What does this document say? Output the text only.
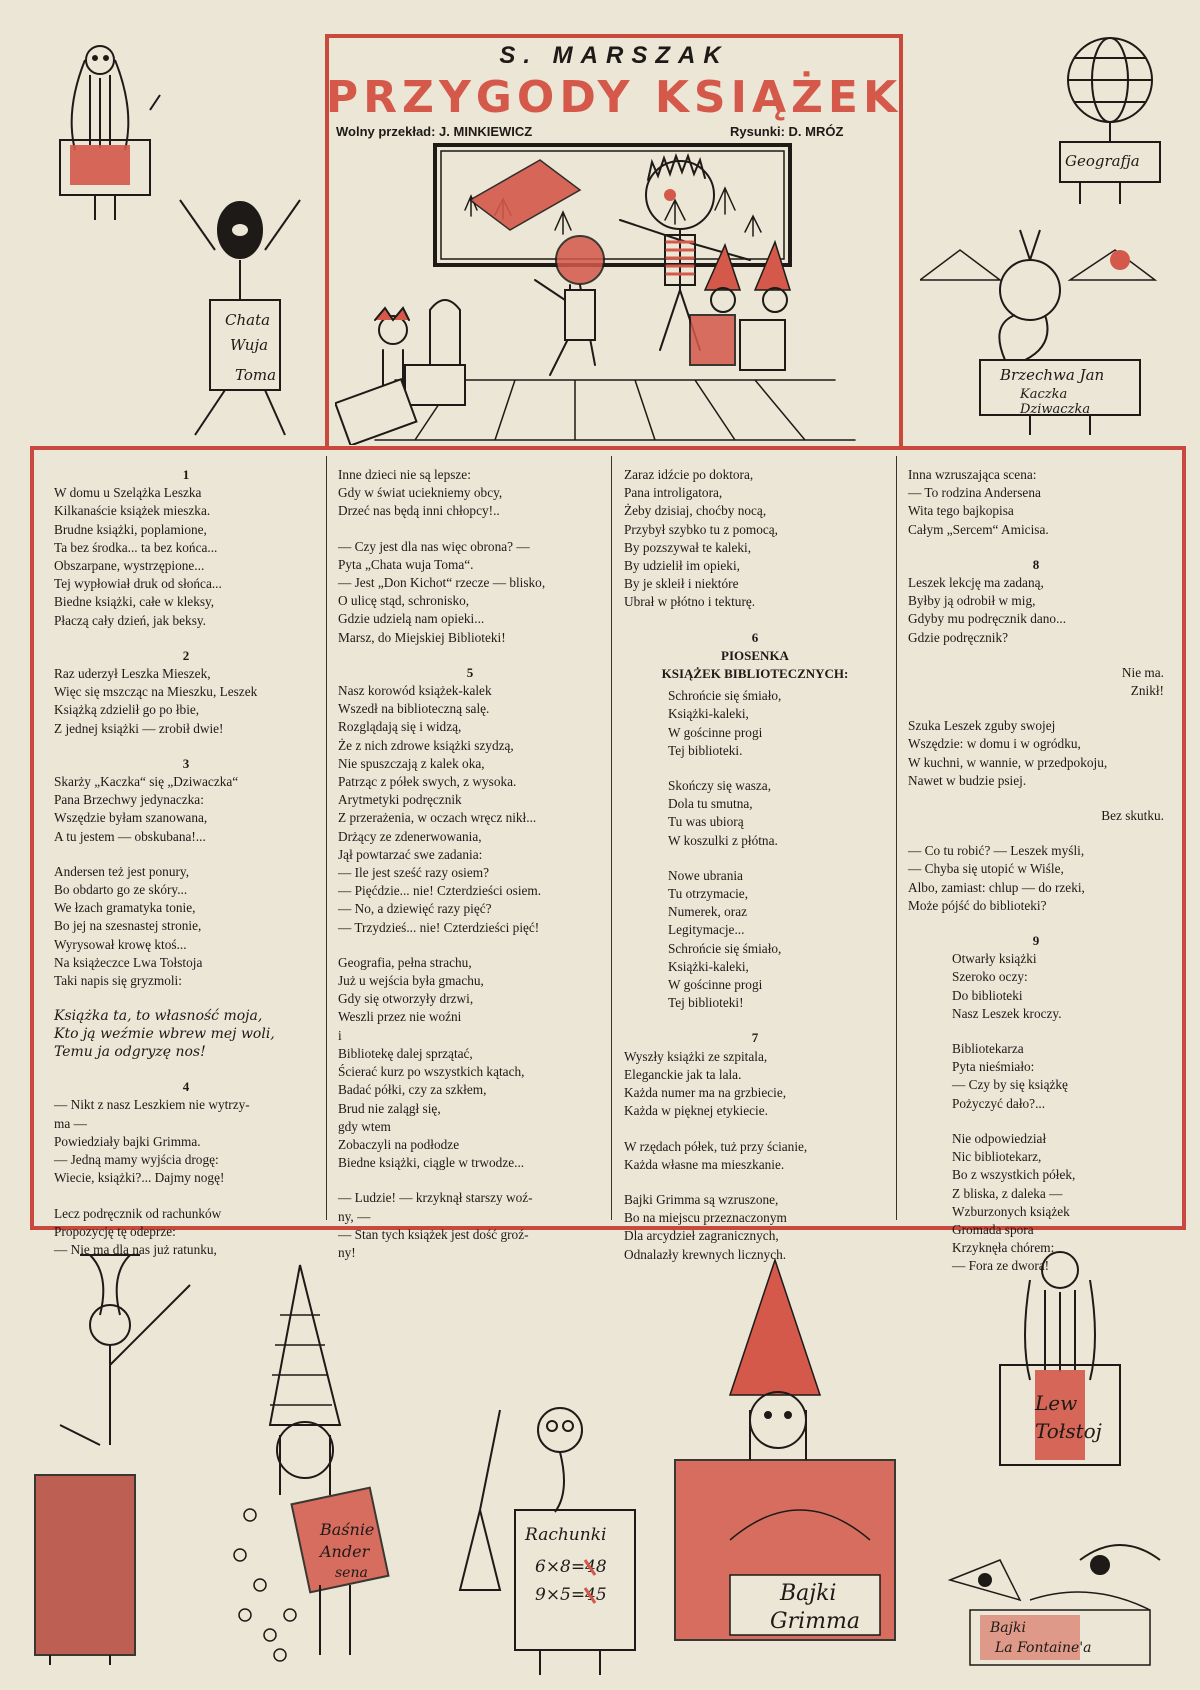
S. MARSZAK
PRZYGODY KSIĄŻEK
Wolny przekład: J. MINKIEWICZ	Rysunki: D. MRÓZ
Chata
Wuja
Toma
Geografja
Brzechwa Jan
Kaczka
Dziwaczka
1

W domu u Szelążka Leszka
Kilkanaście książek mieszka.
Brudne książki, poplamione,
Ta bez środka... ta bez końca...
Obszarpane, wystrzępione...
Tej wypłowiał druk od słońca...
Biedne książki, całe w kleksy,
Płaczą cały dzień, jak beksy.

2

Raz uderzył Leszka Mieszek,
Więc się mszcząc na Mieszku, Leszek
Książką zdzielił go po łbie,
Z jednej książki — zrobił dwie!

3

Skarży „Kaczka“ się „Dziwaczka“
Pana Brzechwy jedynaczka:
Wszędzie byłam szanowana,
A tu jestem — obskubana!...

Andersen też jest ponury,
Bo obdarto go ze skóry...
We łzach gramatyka tonie,
Bo jej na szesnastej stronie,
Wyrysował krowę ktoś...
Na książeczce Lwa Tołstoja
Taki napis się gryzmoli:

Książka ta, to własność moja,
Kto ją weźmie wbrew mej woli,
Temu ja odgryzę nos!

4

— Nikt z nasz Leszkiem nie wytrzy-
ma —
Powiedziały bajki Grimma.
— Jedną mamy wyjścia drogę:
Wiecie, książki?... Dajmy nogę!

Lecz podręcznik od rachunków
Propozycję tę odeprze:
— Nie ma dla nas już ratunku,

Inne dzieci nie są lepsze:
Gdy w świat uciekniemy obcy,
Drzeć nas będą inni chłopcy!..

— Czy jest dla nas więc obrona? —
Pyta „Chata wuja Toma“.
— Jest „Don Kichot“ rzecze — blisko,
O ulicę stąd, schronisko,
Gdzie udzielą nam opieki...
Marsz, do Miejskiej Biblioteki!

5

Nasz korowód książek-kalek
Wszedł na biblioteczną salę.
Rozglądają się i widzą,
Że z nich zdrowe książki szydzą,
Nie spuszczają z kalek oka,
Patrząc z półek swych, z wysoka.
Arytmetyki podręcznik
Z przerażenia, w oczach wręcz nikł...
Drżący ze zdenerwowania,
Jął powtarzać swe zadania:
— Ile jest sześć razy osiem?
— Pięćdzie... nie! Czterdzieści osiem.
— No, a dziewięć razy pięć?
— Trzydzieś... nie! Czterdzieści pięć!

Geografia, pełna strachu,
Już u wejścia była gmachu,
Gdy się otworzyły drzwi,
Weszli przez nie woźni
i
Bibliotekę dalej sprzątać,
Ścierać kurz po wszystkich kątach,
Badać półki, czy za szkłem,
Brud nie zalągł się,
gdy wtem
Zobaczyli na podłodze
Biedne książki, ciągle w trwodze...

— Ludzie! — krzyknął starszy woź-
ny, —
— Stan tych książek jest dość groź-
ny!

Zaraz idźcie po doktora,
Pana introligatora,
Żeby dzisiaj, choćby nocą,
Przybył szybko tu z pomocą,
By pozszywał te kaleki,
By udzielił im opieki,
By je skleił i niektóre
Ubrał w płótno i tekturę.

6
PIOSENKA
KSIĄŻEK BIBLIOTECZNYCH:

Schrońcie się śmiało,
Książki-kaleki,
W gościnne progi
Tej biblioteki.

Skończy się wasza,
Dola tu smutna,
Tu was ubiorą
W koszulki z płótna.

Nowe ubrania
Tu otrzymacie,
Numerek, oraz
Legitymacje...
Schrońcie się śmiało,
Książki-kaleki,
W gościnne progi
Tej biblioteki!

7

Wyszły książki ze szpitala,
Eleganckie jak ta lala.
Każda numer ma na grzbiecie,
Każda w pięknej etykiecie.

W rzędach półek, tuż przy ścianie,
Każda własne ma mieszkanie.

Bajki Grimma są wzruszone,
Bo na miejscu przeznaczonym
Dla arcydzieł zagranicznych,
Odnalazły krewnych licznych.

Inna wzruszająca scena:
— To rodzina Andersena
Wita tego bajkopisa
Całym „Sercem“ Amicisa.

8

Leszek lekcję ma zadaną,
Byłby ją odrobił w mig,
Gdyby mu podręcznik dano...
Gdzie podręcznik?

Nie ma.
Znikł!

Szuka Leszek zguby swojej
Wszędzie: w domu i w ogródku,
W kuchni, w wannie, w przedpokoju,
Nawet w budzie psiej.

Bez skutku.

— Co tu robić? — Leszek myśli,
— Chyba się utopić w Wiśle,
Albo, zamiast: chlup — do rzeki,
Może pójść do biblioteki?

9

Otwarły książki
Szeroko oczy:
Do biblioteki
Nasz Leszek kroczy.

Bibliotekarza
Pyta nieśmiało:
— Czy by się książkę
Pożyczyć dało?...

Nie odpowiedział
Nic bibliotekarz,
Bo z wszystkich półek,
Z bliska, z daleka —
Wzburzonych książek
Gromada spora
Krzyknęła chórem:
— Fora ze dwora!

Baśnie
Ander
sena
Rachunki
6×8=48
9×5=45	Bajki
Grimma
Lew
Tołstoj
Bajki
La Fontaine'a
